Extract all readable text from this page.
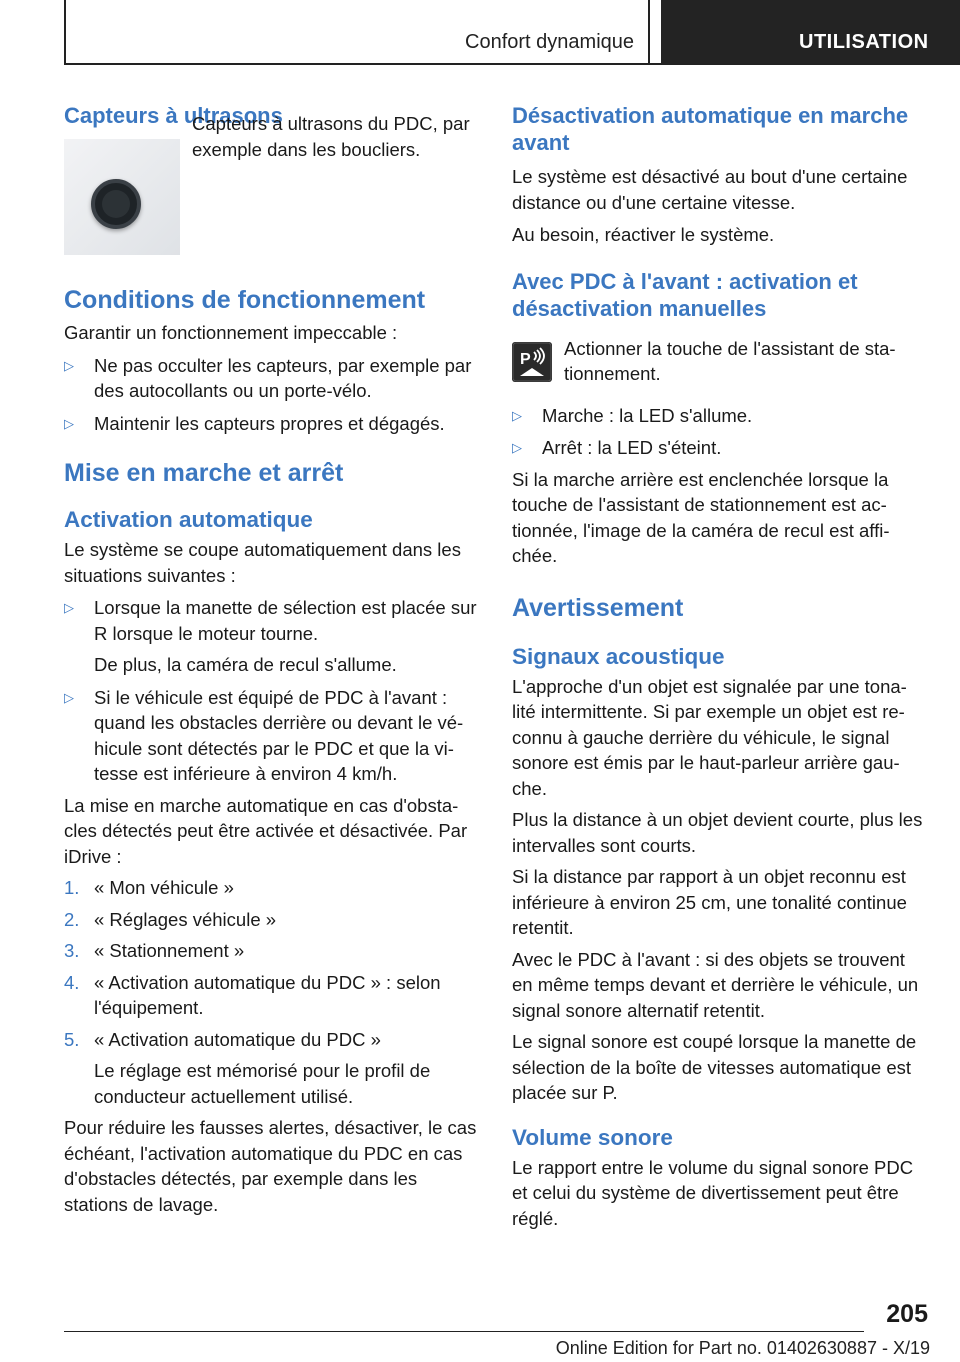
Confort dynamique	UTILISATION
Capteurs à ultrasons

Capteurs à ultrasons du PDC, par exemple dans les boucliers.

Conditions de fonctionnement

Garantir un fonctionnement impeccable :

▷ Ne pas occulter les capteurs, par exemple par des autocollants ou un porte-vélo.
▷ Maintenir les capteurs propres et dégagés.
Mise en marche et arrêt
Activation automatique

Le système se coupe automatiquement dans les situations suivantes :

▷ Lorsque la manette de sélection est placée sur R lorsque le moteur tourne.
De plus, la caméra de recul s'allume.
▷ Si le véhicule est équipé de PDC à l'avant : quand les obstacles derrière ou devant le vé- hicule sont détectés par le PDC et que la vi- tesse est inférieure à environ 4 km/h.

La mise en marche automatique en cas d'obsta- cles détectés peut être activée et désactivée. Par iDrive :

1. « Mon véhicule »
2. « Réglages véhicule »
3. « Stationnement »
4. « Activation automatique du PDC » : selon l'équipement.
5. « Activation automatique du PDC »
Le réglage est mémorisé pour le profil de conducteur actuellement utilisé.

Pour réduire les fausses alertes, désactiver, le cas échéant, l'activation automatique du PDC en cas d'obstacles détectés, par exemple dans les stations de lavage.

Désactivation automatique en marche avant

Le système est désactivé au bout d'une certaine distance ou d'une certaine vitesse.

Au besoin, réactiver le système.

Avec PDC à l'avant : activation et désactivation manuelles
P

Actionner la touche de l'assistant de sta- tionnement.

▷ Marche : la LED s'allume.
▷ Arrêt : la LED s'éteint.

Si la marche arrière est enclenchée lorsque la touche de l'assistant de stationnement est ac- tionnée, l'image de la caméra de recul est affi- chée.

Avertissement
Signaux acoustique

L'approche d'un objet est signalée par une tona- lité intermittente. Si par exemple un objet est re- connu à gauche derrière du véhicule, le signal sonore est émis par le haut-parleur arrière gau- che.

Plus la distance à un objet devient courte, plus les intervalles sont courts.

Si la distance par rapport à un objet reconnu est inférieure à environ 25 cm, une tonalité continue retentit.

Avec le PDC à l'avant : si des objets se trouvent en même temps devant et derrière le véhicule, un signal sonore alternatif retentit.

Le signal sonore est coupé lorsque la manette de sélection de la boîte de vitesses automatique est placée sur P.

Volume sonore

Le rapport entre le volume du signal sonore PDC et celui du système de divertissement peut être réglé.

205
Online Edition for Part no. 01402630887 - X/19
